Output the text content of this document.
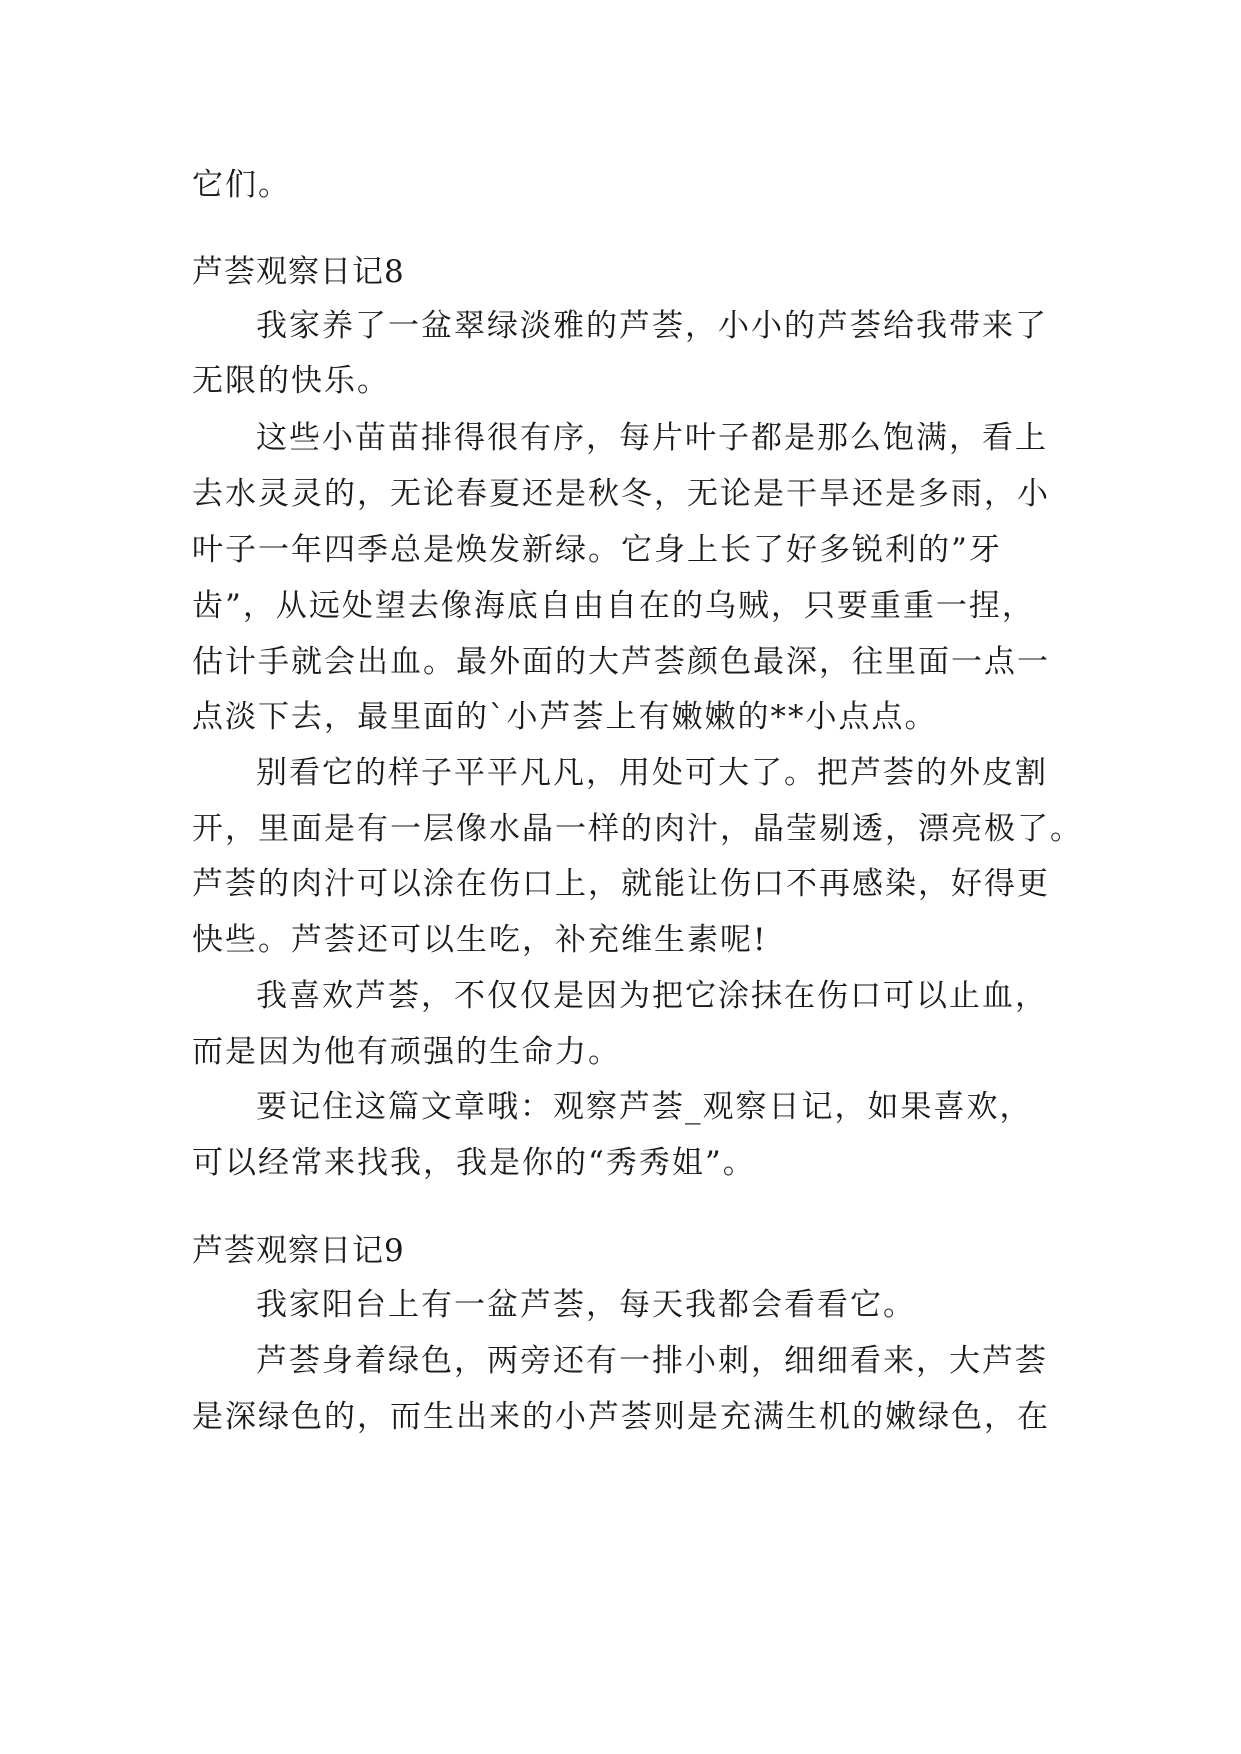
它们。
芦荟观察日记8
我家养了一盆翠绿淡雅的芦荟，小小的芦荟给我带来了
无限的快乐。
这些小苗苗排得很有序，每片叶子都是那么饱满，看上
去水灵灵的，无论春夏还是秋冬，无论是干旱还是多雨，小
叶子一年四季总是焕发新绿。它身上长了好多锐利的”牙
齿”，从远处望去像海底自由自在的乌贼，只要重重一捏，
估计手就会出血。最外面的大芦荟颜色最深，往里面一点一
点淡下去，最里面的`小芦荟上有嫩嫩的**小点点。
别看它的样子平平凡凡，用处可大了。把芦荟的外皮割
开，里面是有一层像水晶一样的肉汁，晶莹剔透，漂亮极了。
芦荟的肉汁可以涂在伤口上，就能让伤口不再感染，好得更
快些。芦荟还可以生吃，补充维生素呢!
我喜欢芦荟，不仅仅是因为把它涂抹在伤口可以止血，
而是因为他有顽强的生命力。
要记住这篇文章哦：观察芦荟_观察日记，如果喜欢，
可以经常来找我，我是你的“秀秀姐”。
芦荟观察日记9
我家阳台上有一盆芦荟，每天我都会看看它。
芦荟身着绿色，两旁还有一排小刺，细细看来，大芦荟
是深绿色的，而生出来的小芦荟则是充满生机的嫩绿色，在
